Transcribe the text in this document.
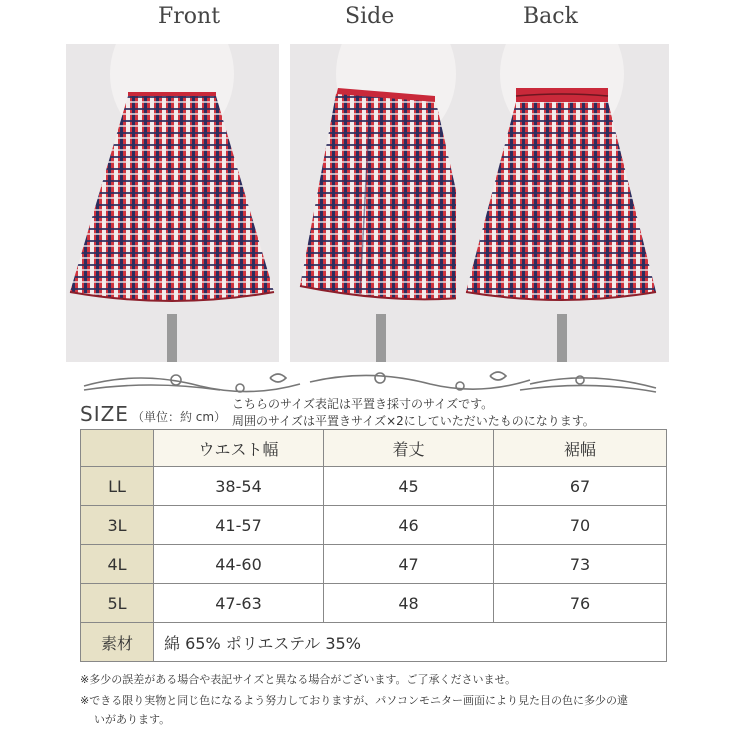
Front	Side	Back
SIZE （単位：約 cm）
こちらのサイズ表記は平置き採寸のサイズです。
周囲のサイズは平置きサイズ×2にしていただいたものになります。
	ウエスト幅	着丈	裾幅
LL	38-54	45	67
3L	41-57	46	70
4L	44-60	47	73
5L	47-63	48	76
素材	綿 65% ポリエステル 35%		
※多少の誤差がある場合や表記サイズと異なる場合がございます。ご了承くださいませ。
※できる限り実物と同じ色になるよう努力しておりますが、パソコンモニター画面により見た目の色に多少の違
いがあります。
